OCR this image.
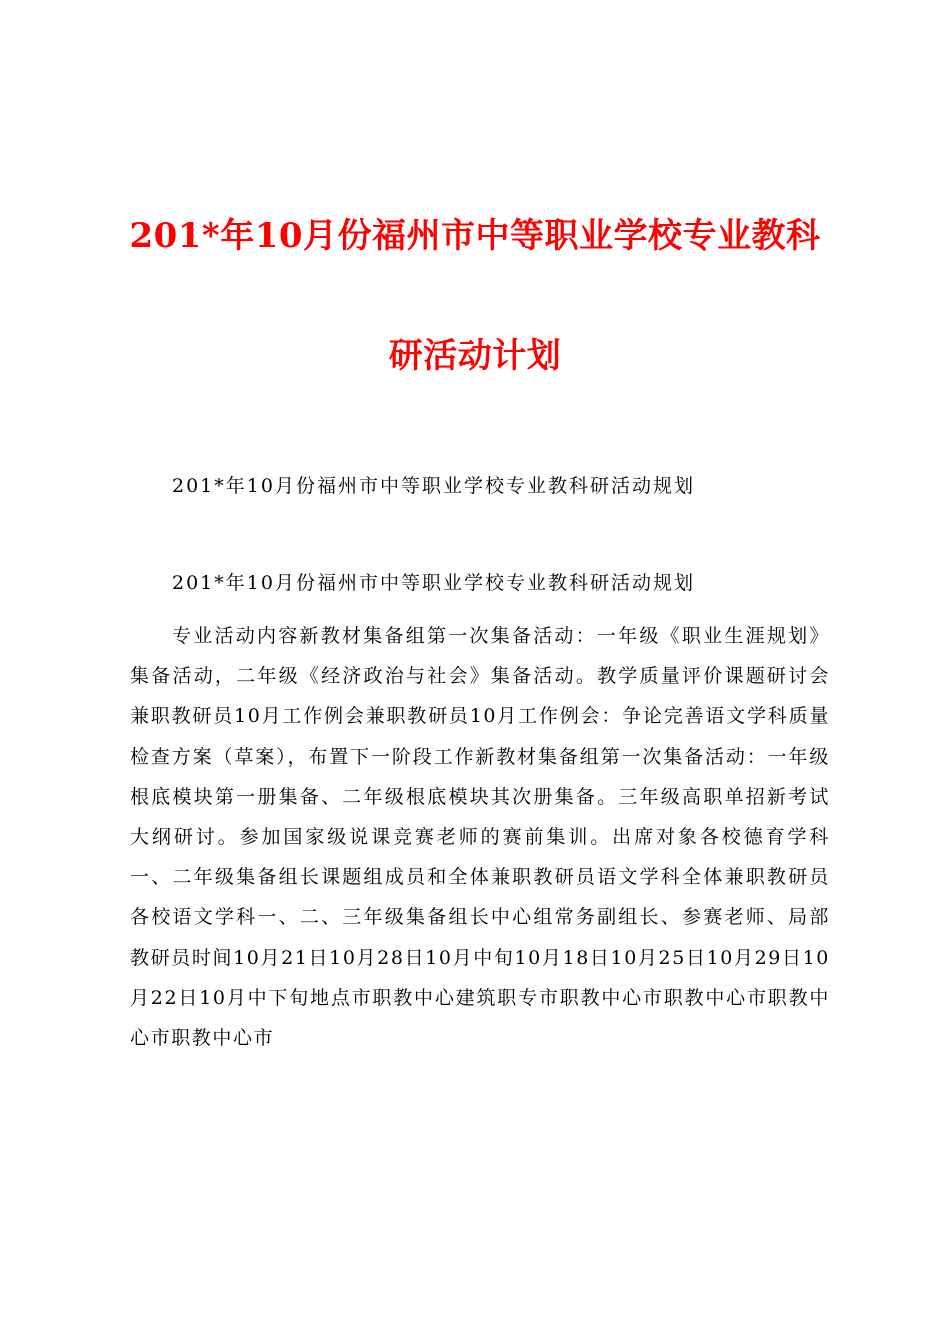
201*年10月份福州市中等职业学校专业教科
研活动计划
201*年10月份福州市中等职业学校专业教科研活动规划
201*年10月份福州市中等职业学校专业教科研活动规划

专业活动内容新教材集备组第一次集备活动：一年级《职业生涯规划》集备活动，二年级《经济政治与社会》集备活动。教学质量评价课题研讨会兼职教研员10月工作例会兼职教研员10月工作例会：争论完善语文学科质量检查方案（草案），布置下一阶段工作新教材集备组第一次集备活动：一年级根底模块第一册集备、二年级根底模块其次册集备。三年级高职单招新考试大纲研讨。参加国家级说课竞赛老师的赛前集训。出席对象各校德育学科一、二年级集备组长课题组成员和全体兼职教研员语文学科全体兼职教研员各校语文学科一、二、三年级集备组长中心组常务副组长、参赛老师、局部教研员时间10月21日10月28日10月中旬10月18日10月25日10月29日10月22日10月中下旬地点市职教中心建筑职专市职教中心市职教中心市职教中心市职教中心市
